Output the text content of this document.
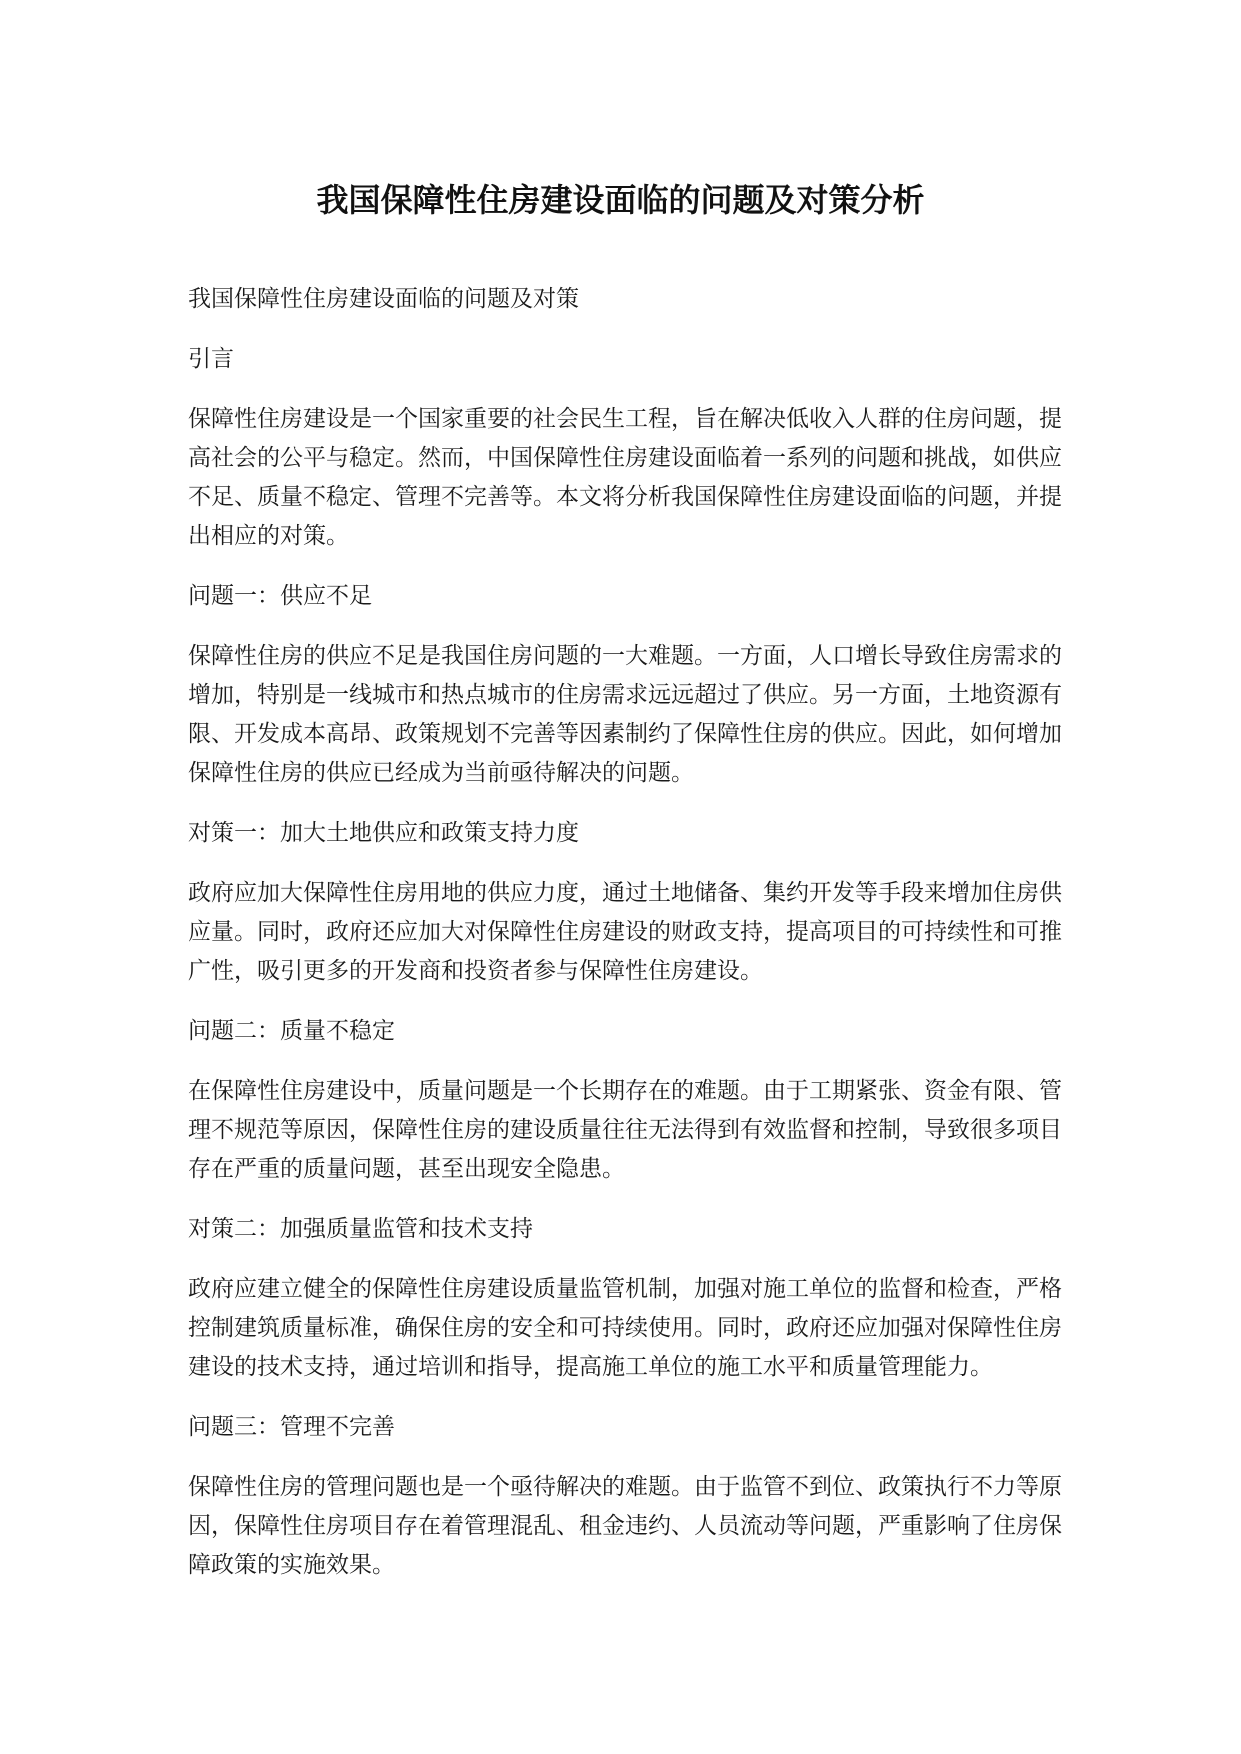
我国保障性住房建设面临的问题及对策分析

我国保障性住房建设面临的问题及对策

引言

保障性住房建设是一个国家重要的社会民生工程，旨在解决低收入人群的住房问题，提高社会的公平与稳定。然而，中国保障性住房建设面临着一系列的问题和挑战，如供应不足、质量不稳定、管理不完善等。本文将分析我国保障性住房建设面临的问题，并提出相应的对策。

问题一：供应不足

保障性住房的供应不足是我国住房问题的一大难题。一方面，人口增长导致住房需求的增加，特别是一线城市和热点城市的住房需求远远超过了供应。另一方面，土地资源有限、开发成本高昂、政策规划不完善等因素制约了保障性住房的供应。因此，如何增加保障性住房的供应已经成为当前亟待解决的问题。

对策一：加大土地供应和政策支持力度

政府应加大保障性住房用地的供应力度，通过土地储备、集约开发等手段来增加住房供应量。同时，政府还应加大对保障性住房建设的财政支持，提高项目的可持续性和可推广性，吸引更多的开发商和投资者参与保障性住房建设。

问题二：质量不稳定

在保障性住房建设中，质量问题是一个长期存在的难题。由于工期紧张、资金有限、管理不规范等原因，保障性住房的建设质量往往无法得到有效监督和控制，导致很多项目存在严重的质量问题，甚至出现安全隐患。

对策二：加强质量监管和技术支持

政府应建立健全的保障性住房建设质量监管机制，加强对施工单位的监督和检查，严格控制建筑质量标准，确保住房的安全和可持续使用。同时，政府还应加强对保障性住房建设的技术支持，通过培训和指导，提高施工单位的施工水平和质量管理能力。

问题三：管理不完善

保障性住房的管理问题也是一个亟待解决的难题。由于监管不到位、政策执行不力等原因，保障性住房项目存在着管理混乱、租金违约、人员流动等问题，严重影响了住房保障政策的实施效果。
